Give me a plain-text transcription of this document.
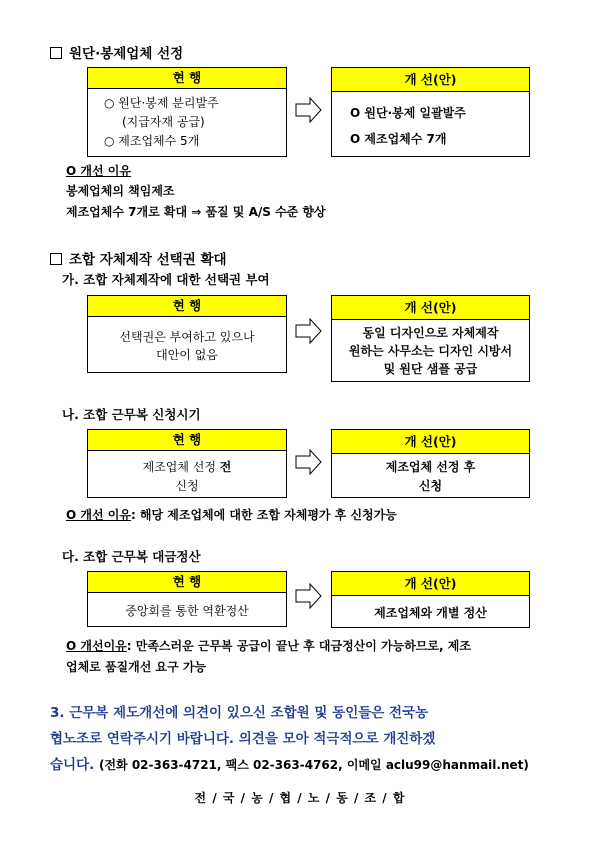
원단·봉제업체 선정
현 행
○ 원단·봉제 분리발주
(지급자재 공급)
○ 제조업체수 5개
개 선(안)
O 원단·봉제 일괄발주
O 제조업체수 7개
O 개선 이유
봉제업체의 책임제조
제조업체수 7개로 확대 ⇒ 품질 및 A/S 수준 향상
조합 자체제작 선택권 확대
가. 조합 자체제작에 대한 선택권 부여
현 행
선택권은 부여하고 있으나
대안이 없음
개 선(안)
동일 디자인으로 자체제작
원하는 사무소는 디자인 시방서
및 원단 샘플 공급
나. 조합 근무복 신청시기
현 행
제조업체 선정 전
신청
개 선(안)
제조업체 선정 후
신청
O 개선 이유: 해당 제조업체에 대한 조합 자체평가 후 신청가능
다. 조합 근무복 대금정산
현 행
중앙회를 통한 역환정산
개 선(안)
제조업체와 개별 정산
O 개선이유: 만족스러운 근무복 공급이 끝난 후 대금정산이 가능하므로, 제조
업체로 품질개선 요구 가능
3. 근무복 제도개선에 의견이 있으신 조합원 및 동인들은 전국농
협노조로 연락주시기 바랍니다. 의견을 모아 적극적으로 개진하겠
습니다. (전화 02-363-4721, 팩스 02-363-4762, 이메일 aclu99@hanmail.net)
전 / 국 / 농 / 협 / 노 / 동 / 조 / 합
